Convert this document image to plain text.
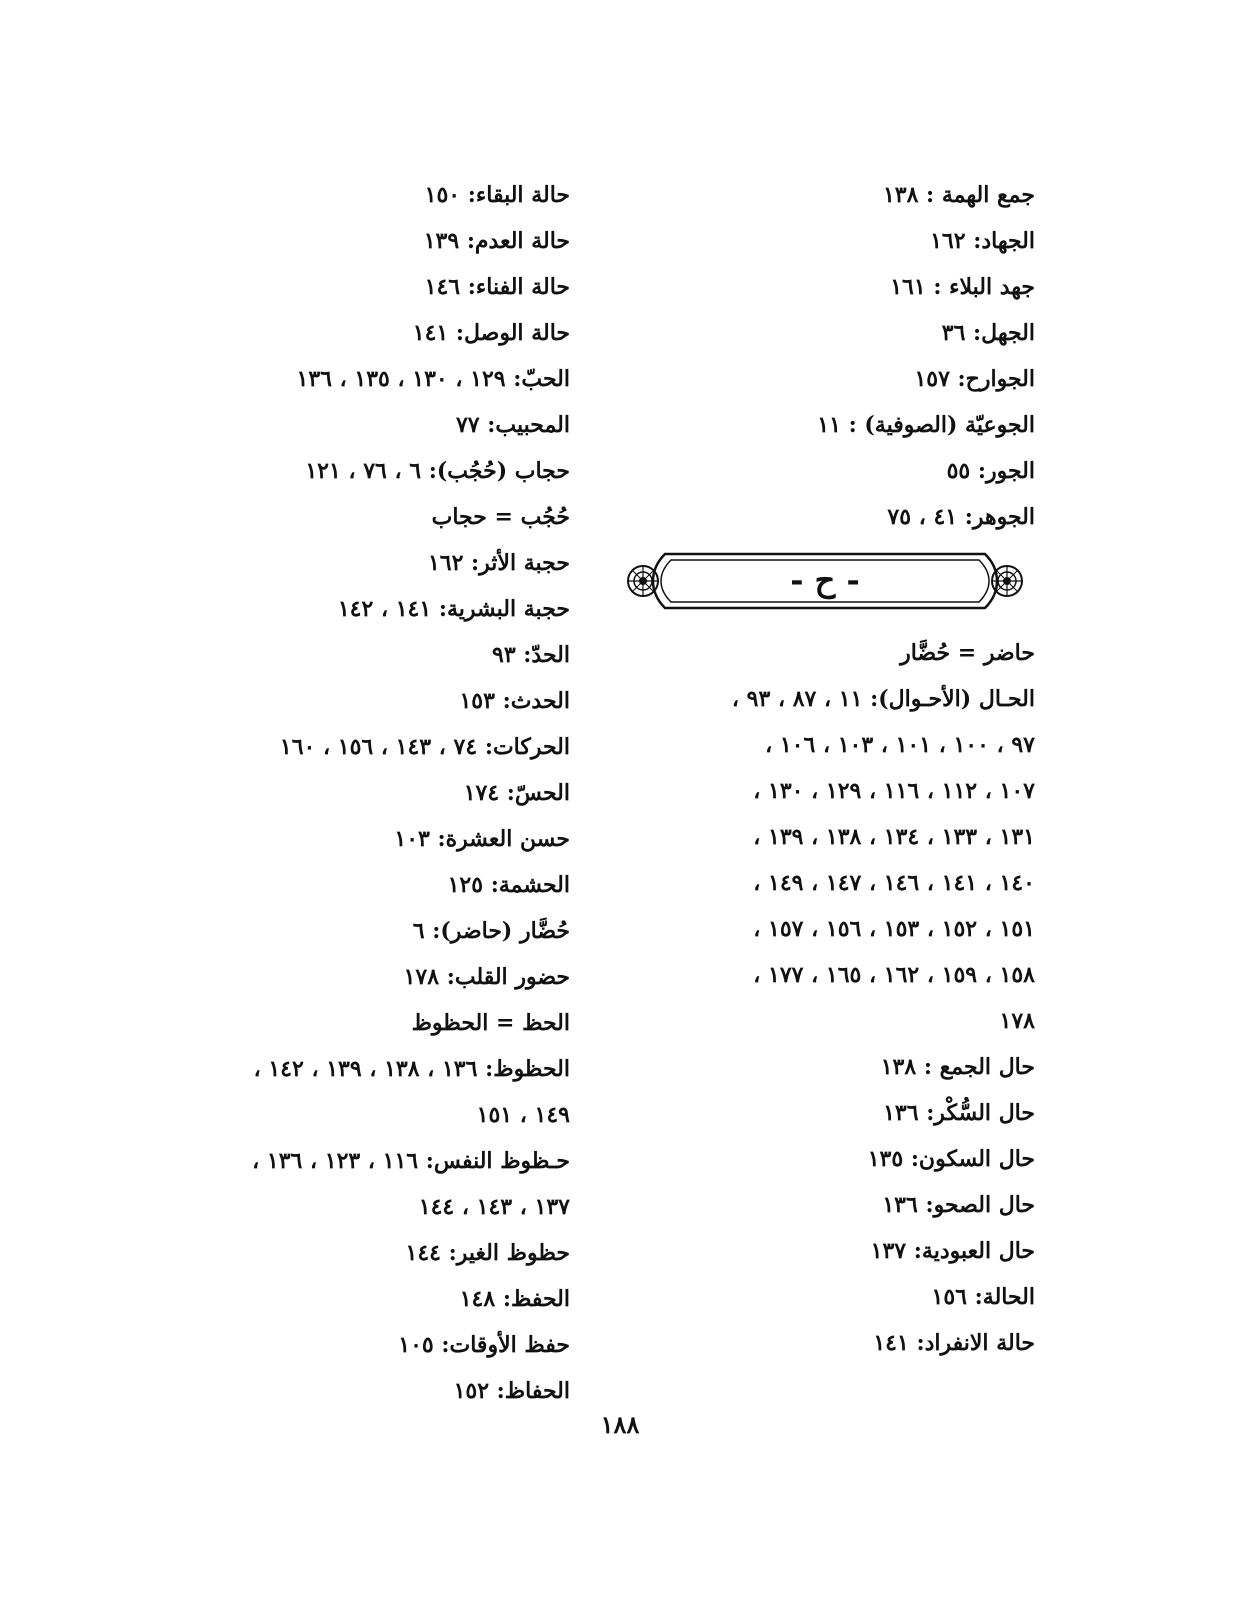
جمع الهمة : ١٣٨
الجهاد: ١٦٢
جهد البلاء : ١٦١
الجهل: ٣٦
الجوارح: ١٥٧
الجوعيّة (الصوفية) : ١١
الجور: ٥٥
الجوهر: ٤١ ، ٧٥
- ح -
حاضر = حُضَّار
الحـال (الأحـوال): ١١ ، ٨٧ ، ٩٣ ،
٩٧ ، ١٠٠ ، ١٠١ ، ١٠٣ ، ١٠٦ ،
١٠٧ ، ١١٢ ، ١١٦ ، ١٢٩ ، ١٣٠ ،
١٣١ ، ١٣٣ ، ١٣٤ ، ١٣٨ ، ١٣٩ ،
١٤٠ ، ١٤١ ، ١٤٦ ، ١٤٧ ، ١٤٩ ،
١٥١ ، ١٥٢ ، ١٥٣ ، ١٥٦ ، ١٥٧ ،
١٥٨ ، ١٥٩ ، ١٦٢ ، ١٦٥ ، ١٧٧ ،
١٧٨
حال الجمع : ١٣٨
حال السُّكْر: ١٣٦
حال السكون: ١٣٥
حال الصحو: ١٣٦
حال العبودية: ١٣٧
الحالة: ١٥٦
حالة الانفراد: ١٤١
حالة البقاء: ١٥٠
حالة العدم: ١٣٩
حالة الفناء: ١٤٦
حالة الوصل: ١٤١
الحبّ: ١٢٩ ، ١٣٠ ، ١٣٥ ، ١٣٦
المحبيب: ٧٧
حجاب (حُجُب): ٦ ، ٧٦ ، ١٢١
حُجُب = حجاب
حجبة الأثر: ١٦٢
حجبة البشرية: ١٤١ ، ١٤٢
الحدّ: ٩٣
الحدث: ١٥٣
الحركات: ٧٤ ، ١٤٣ ، ١٥٦ ، ١٦٠
الحسّ: ١٧٤
حسن العشرة: ١٠٣
الحشمة: ١٢٥
حُضَّار (حاضر): ٦
حضور القلب: ١٧٨
الحظ = الحظوظ
الحظوظ: ١٣٦ ، ١٣٨ ، ١٣٩ ، ١٤٢ ،
١٤٩ ، ١٥١
حـظوظ النفس: ١١٦ ، ١٢٣ ، ١٣٦ ،
١٣٧ ، ١٤٣ ، ١٤٤
حظوظ الغير: ١٤٤
الحفظ: ١٤٨
حفظ الأوقات: ١٠٥
الحفاظ: ١٥٢
١٨٨
